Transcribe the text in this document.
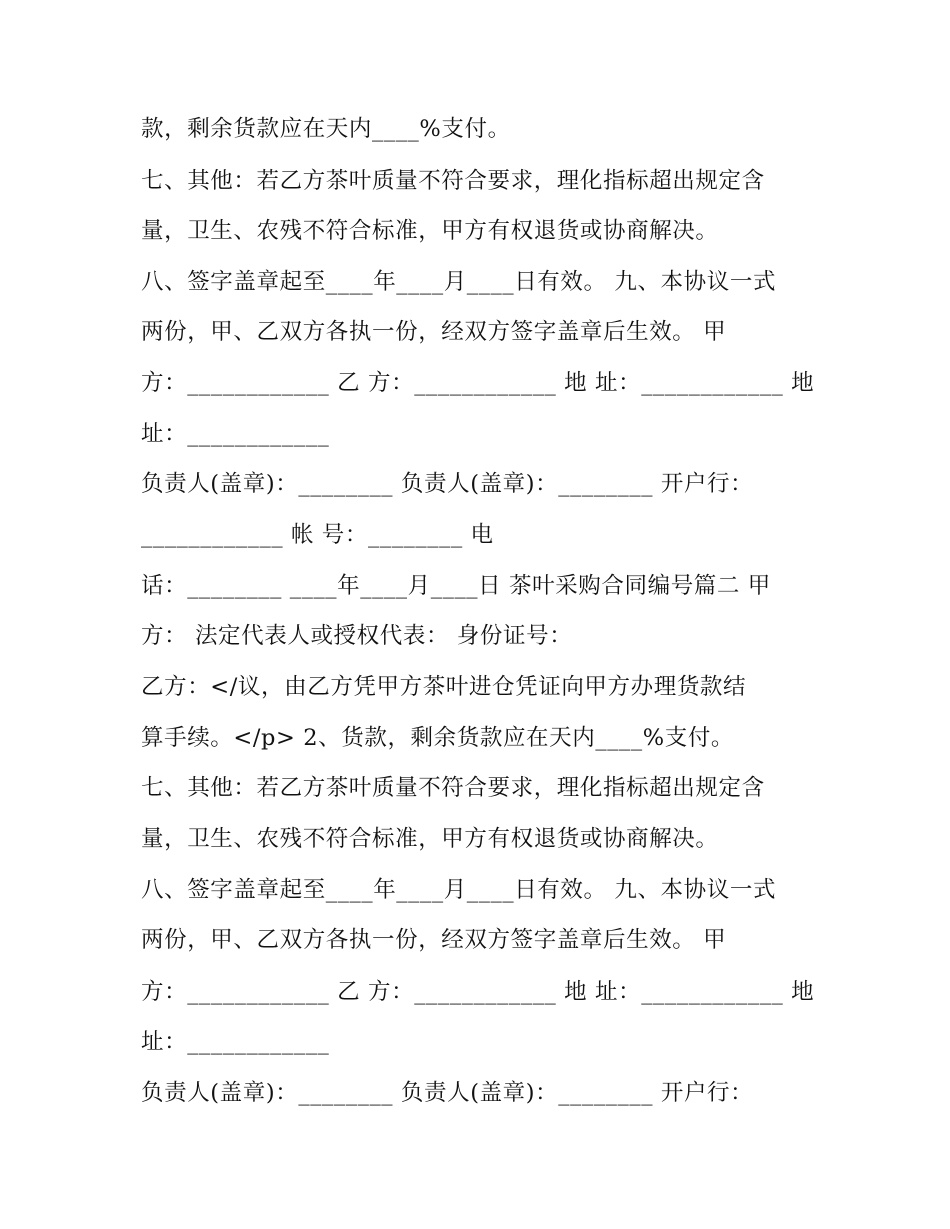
款，剩余货款应在天内____%支付。
七、其他：若乙方茶叶质量不符合要求，理化指标超出规定含
量，卫生、农残不符合标准，甲方有权退货或协商解决。
八、签字盖章起至____年____月____日有效。 九、本协议一式
两份，甲、乙双方各执一份，经双方签字盖章后生效。 甲
方：____________ 乙 方：____________ 地 址：____________ 地
址：____________
负责人(盖章)：________ 负责人(盖章)：________ 开户行：
____________ 帐 号：________ 电
话：________ ____年____月____日 茶叶采购合同编号篇二 甲
方： 法定代表人或授权代表： 身份证号：
乙方：</议，由乙方凭甲方茶叶进仓凭证向甲方办理货款结
算手续。</p> 2、货款，剩余货款应在天内____%支付。
七、其他：若乙方茶叶质量不符合要求，理化指标超出规定含
量，卫生、农残不符合标准，甲方有权退货或协商解决。
八、签字盖章起至____年____月____日有效。 九、本协议一式
两份，甲、乙双方各执一份，经双方签字盖章后生效。 甲
方：____________ 乙 方：____________ 地 址：____________ 地
址：____________
负责人(盖章)：________ 负责人(盖章)：________ 开户行：
